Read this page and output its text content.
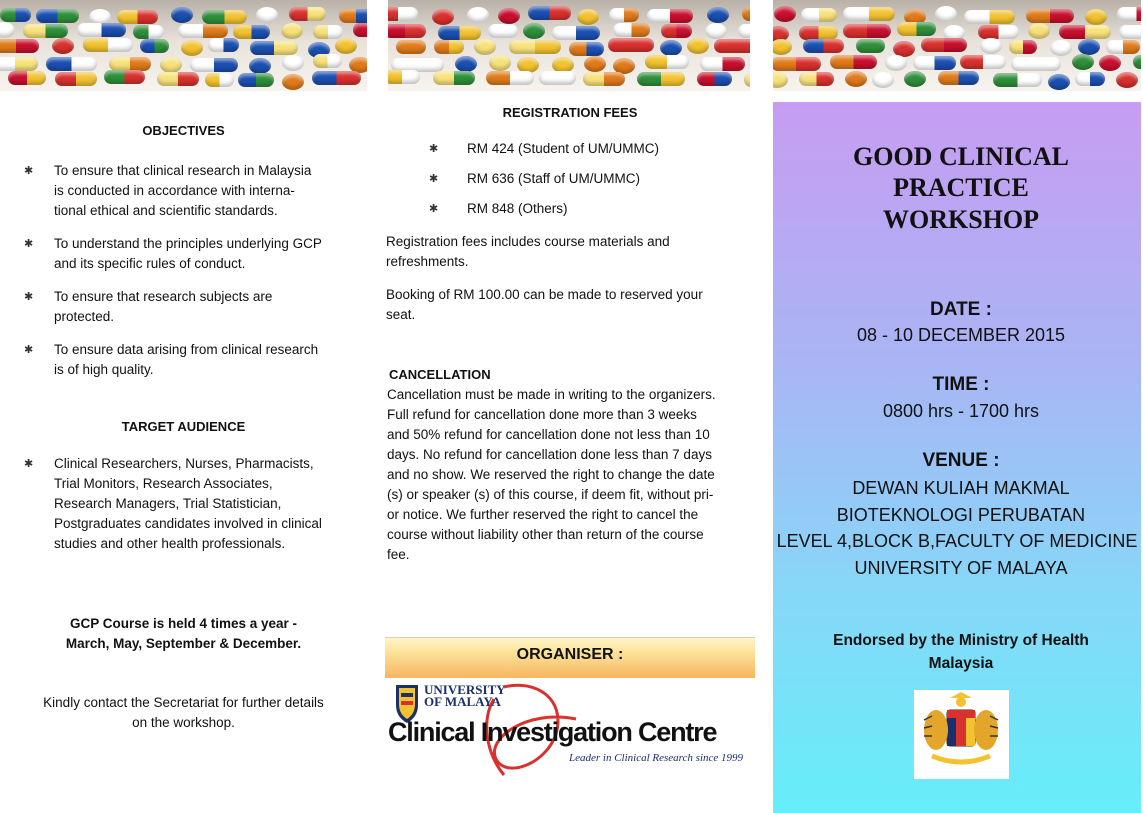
OBJECTIVES
✱ To ensure that clinical research in Malaysia
is conducted in accordance with interna-
tional ethical and scientific standards.
✱ To understand the principles underlying GCP
and its specific rules of conduct.
✱ To ensure that research subjects are
protected.
✱ To ensure data arising from clinical research
is of high quality.
TARGET AUDIENCE
✱ Clinical Researchers, Nurses, Pharmacists,
Trial Monitors, Research Associates,
Research Managers, Trial Statistician,
Postgraduates candidates involved in clinical
studies and other health professionals.
GCP Course is held 4 times a year -
March, May, September & December.
Kindly contact the Secretariat for further details
on the workshop.
REGISTRATION FEES
✱ RM 424 (Student of UM/UMMC)
✱ RM 636 (Staff of UM/UMMC)
✱ RM 848 (Others)
Registration fees includes course materials and
refreshments.
Booking of RM 100.00 can be made to reserved your
seat.
CANCELLATION
Cancellation must be made in writing to the organizers.
Full refund for cancellation done more than 3 weeks
and 50% refund for cancellation done not less than 10
days. No refund for cancellation done less than 7 days
and no show. We reserved the right to change the date
(s) or speaker (s) of this course, if deem fit, without pri-
or notice. We further reserved the right to cancel the
course without liability other than return of the course
fee.
ORGANISER :
UNIVERSITY
OF MALAYA
Clinical Investigation Centre
Leader in Clinical Research since 1999
GOOD CLINICAL
PRACTICE
WORKSHOP
DATE :
08 - 10 DECEMBER 2015
TIME :
0800 hrs - 1700 hrs
VENUE :
DEWAN KULIAH MAKMAL
BIOTEKNOLOGI PERUBATAN
LEVEL 4,BLOCK B,FACULTY OF MEDICINE
UNIVERSITY OF MALAYA
Endorsed by the Ministry of Health
Malaysia
